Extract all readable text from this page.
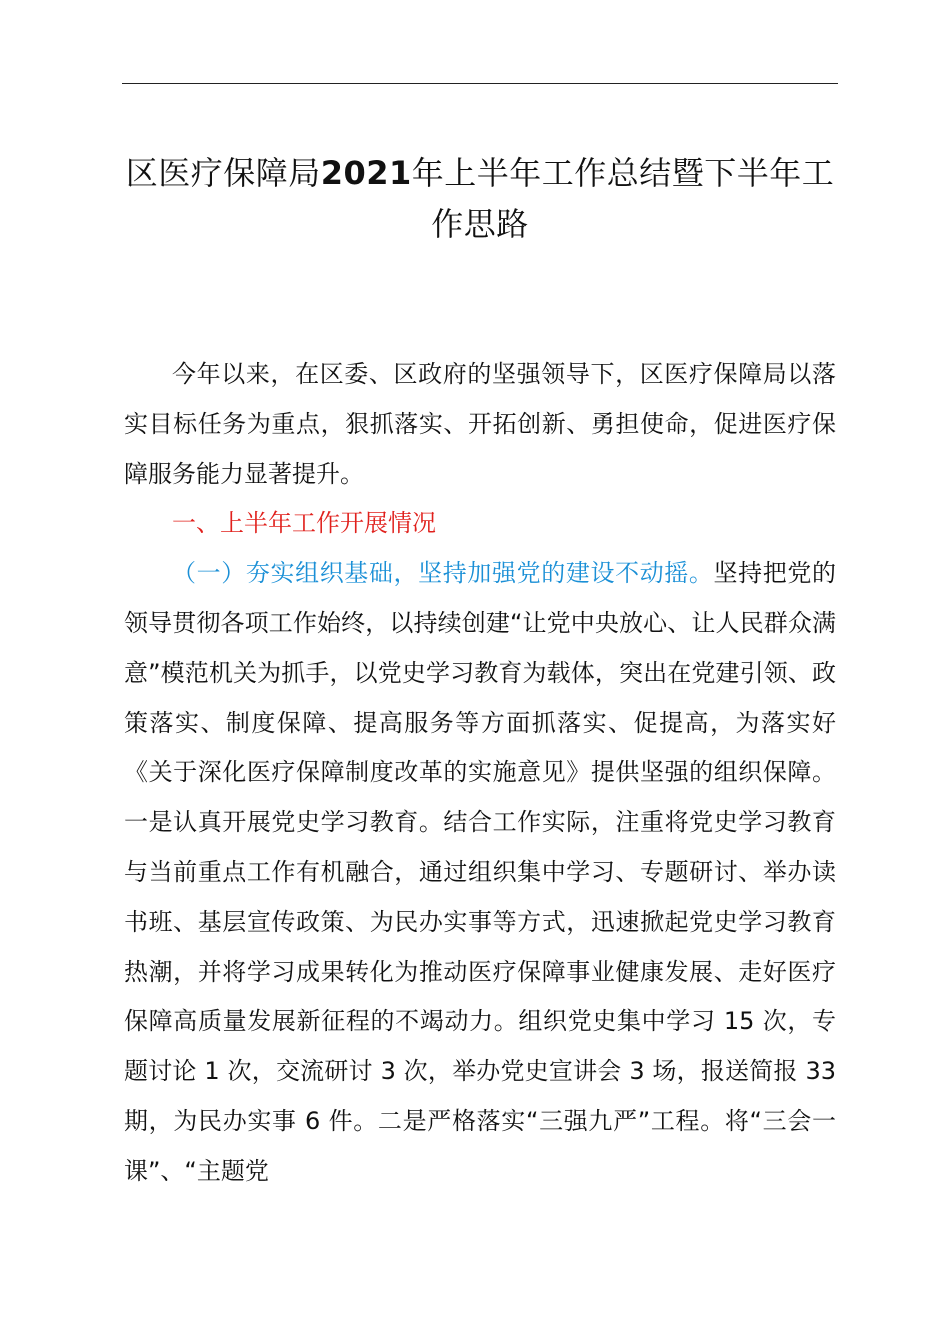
区医疗保障局2021年上半年工作总结暨下半年工作思路

今年以来，在区委、区政府的坚强领导下，区医疗保障局以落实目标任务为重点，狠抓落实、开拓创新、勇担使命，促进医疗保障服务能力显著提升。

一、上半年工作开展情况

（一）夯实组织基础，坚持加强党的建设不动摇。坚持把党的领导贯彻各项工作始终，以持续创建“让党中央放心、让人民群众满意”模范机关为抓手，以党史学习教育为载体，突出在党建引领、政策落实、制度保障、提高服务等方面抓落实、促提高，为落实好《关于深化医疗保障制度改革的实施意见》提供坚强的组织保障。一是认真开展党史学习教育。结合工作实际，注重将党史学习教育与当前重点工作有机融合，通过组织集中学习、专题研讨、举办读书班、基层宣传政策、为民办实事等方式，迅速掀起党史学习教育热潮，并将学习成果转化为推动医疗保障事业健康发展、走好医疗保障高质量发展新征程的不竭动力。组织党史集中学习 15 次，专题讨论 1 次，交流研讨 3 次，举办党史宣讲会 3 场，报送简报 33 期，为民办实事 6 件。二是严格落实“三强九严”工程。将“三会一课”、“主题党
